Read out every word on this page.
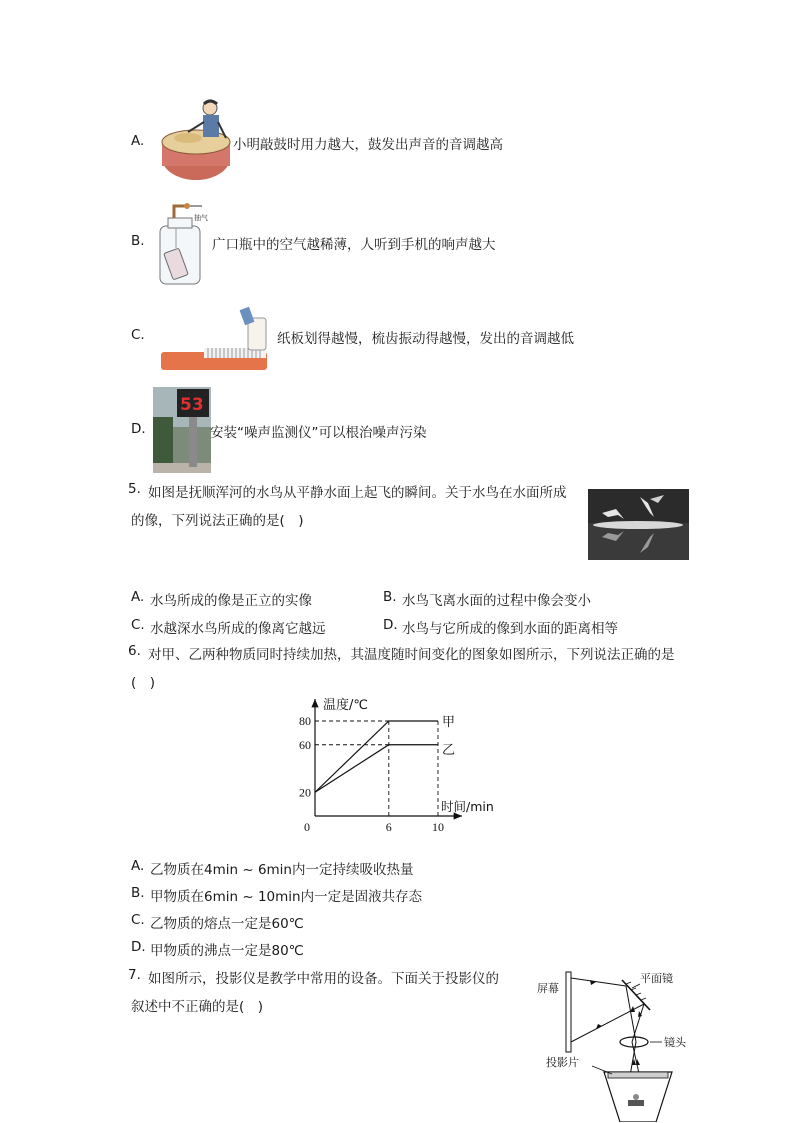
A.	小明敲鼓时用力越大，鼓发出声音的音调越高
B.
抽气
广口瓶中的空气越稀薄，人听到手机的响声越大
C.	纸板划得越慢，梳齿振动得越慢，发出的音调越低
D.
53
安装“噪声监测仪”可以根治噪声污染
5. 如图是抚顺浑河的水鸟从平静水面上起飞的瞬间。关于水鸟在水面所成
的像，下列说法正确的是(　)
A. 水鸟所成的像是正立的实像	B. 水鸟飞离水面的过程中像会变小
C. 水越深水鸟所成的像离它越远	D. 水鸟与它所成的像到水面的距离相等
6. 对甲、乙两种物质同时持续加热，其温度随时间变化的图象如图所示，下列说法正确的是
(　)
温度/℃
时间/min
甲
乙
20
60
80
0	6	10
A. 乙物质在4min ~ 6min内一定持续吸收热量
B. 甲物质在6min ~ 10min内一定是固液共存态
C. 乙物质的熔点一定是60℃
D. 甲物质的沸点一定是80℃
7. 如图所示，投影仪是教学中常用的设备。下面关于投影仪的
叙述中不正确的是(　)
屏幕
平面镜
镜头
投影片
